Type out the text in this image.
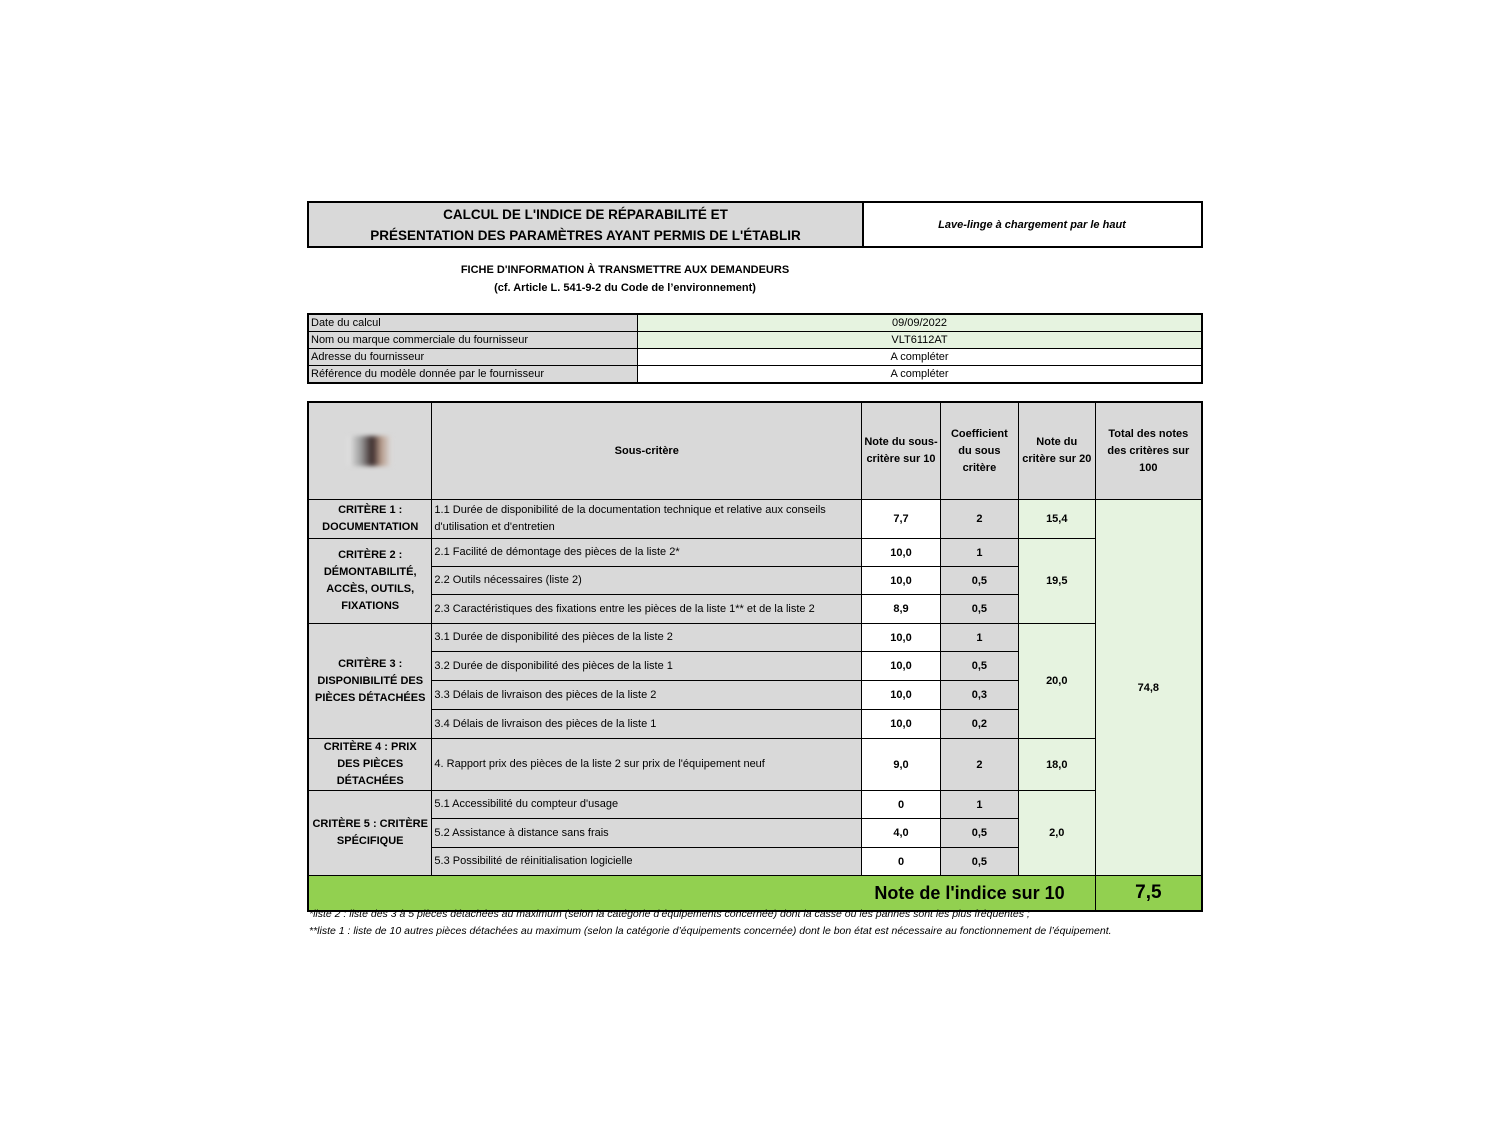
CALCUL DE L'INDICE DE RÉPARABILITÉ ET
PRÉSENTATION DES PARAMÈTRES AYANT PERMIS DE L'ÉTABLIR
Lave-linge à chargement par le haut
FICHE D'INFORMATION À TRANSMETTRE AUX DEMANDEURS
(cf. Article L. 541-9-2 du Code de l’environnement)
Date du calcul	09/09/2022
Nom ou marque commerciale du fournisseur	VLT6112AT
Adresse du fournisseur	A compléter
Référence du modèle donnée par le fournisseur	A compléter
	Sous-critère	Note du sous-critère sur 10	Coefficient du sous critère	Note du critère sur 20	Total des notes des critères sur 100
CRITÈRE 1 : DOCUMENTATION	1.1 Durée de disponibilité de la documentation technique et relative aux conseils d'utilisation et d'entretien	7,7	2	15,4	74,8
CRITÈRE 2 : DÉMONTABILITÉ, ACCÈS, OUTILS, FIXATIONS	2.1 Facilité de démontage des pièces de la liste 2*	10,0	1	19,5	
	2.2 Outils nécessaires (liste 2)	10,0	0,5		
	2.3 Caractéristiques des fixations entre les pièces de la liste 1** et de la liste 2	8,9	0,5		
CRITÈRE 3 : DISPONIBILITÉ DES PIÈCES DÉTACHÉES	3.1 Durée de disponibilité des pièces de la liste 2	10,0	1	20,0	
	3.2 Durée de disponibilité des pièces de la liste 1	10,0	0,5		
	3.3 Délais de livraison des pièces de la liste 2	10,0	0,3		
	3.4 Délais de livraison des pièces de la liste 1	10,0	0,2		
CRITÈRE 4 : PRIX DES PIÈCES DÉTACHÉES	4. Rapport prix des pièces de la liste 2 sur prix de l'équipement neuf	9,0	2	18,0	
CRITÈRE 5 : CRITÈRE SPÉCIFIQUE	5.1 Accessibilité du compteur d'usage	0	1	2,0	
	5.2 Assistance à distance sans frais	4,0	0,5		
	5.3 Possibilité de réinitialisation logicielle	0	0,5		
Note de l'indice sur 10					7,5
*liste 2 : liste des 3 à 5 pièces détachées au maximum (selon la catégorie d’équipements concernée) dont la casse ou les pannes sont les plus fréquentes ;
**liste 1 : liste de 10 autres pièces détachées au maximum (selon la catégorie d’équipements concernée) dont le bon état est nécessaire au fonctionnement de l’équipement.
